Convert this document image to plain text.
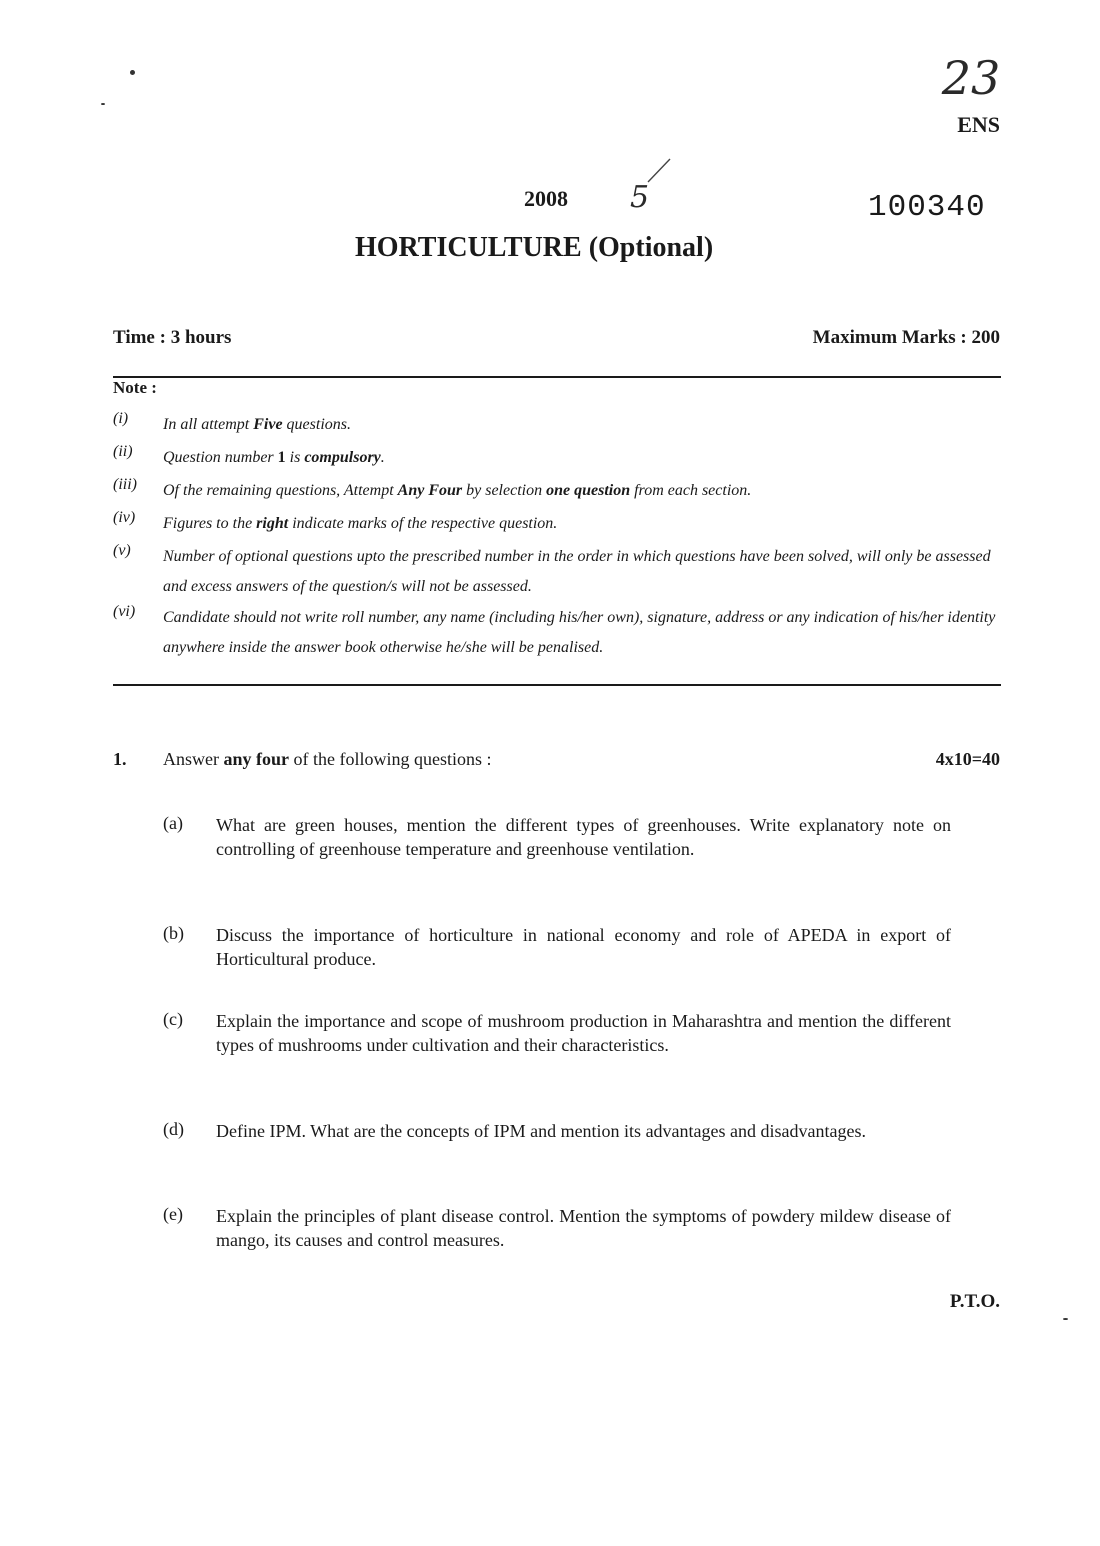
23
ENS
2008 5	100340
HORTICULTURE (Optional)
Time : 3 hours	Maximum Marks : 200
Note :
(i)	In all attempt Five questions.
(ii)	Question number 1 is compulsory.
(iii)	Of the remaining questions, Attempt Any Four by selection one question from each section.
(iv)	Figures to the right indicate marks of the respective question.
(v)	Number of optional questions upto the prescribed number in the order in which questions have been solved, will only be assessed and excess answers of the question/s will not be assessed.
(vi)	Candidate should not write roll number, any name (including his/her own), signature, address or any indication of his/her identity anywhere inside the answer book otherwise he/she will be penalised.
1. Answer any four of the following questions :	4x10=40
(a) What are green houses, mention the different types of greenhouses. Write explanatory note on controlling of greenhouse temperature and greenhouse ventilation.
(b) Discuss the importance of horticulture in national economy and role of APEDA in export of Horticultural produce.
(c) Explain the importance and scope of mushroom production in Maharashtra and mention the different types of mushrooms under cultivation and their characteristics.
(d) Define IPM. What are the concepts of IPM and mention its advantages and disadvantages.
(e) Explain the principles of plant disease control. Mention the symptoms of powdery mildew disease of mango, its causes and control measures.
P.T.O.
